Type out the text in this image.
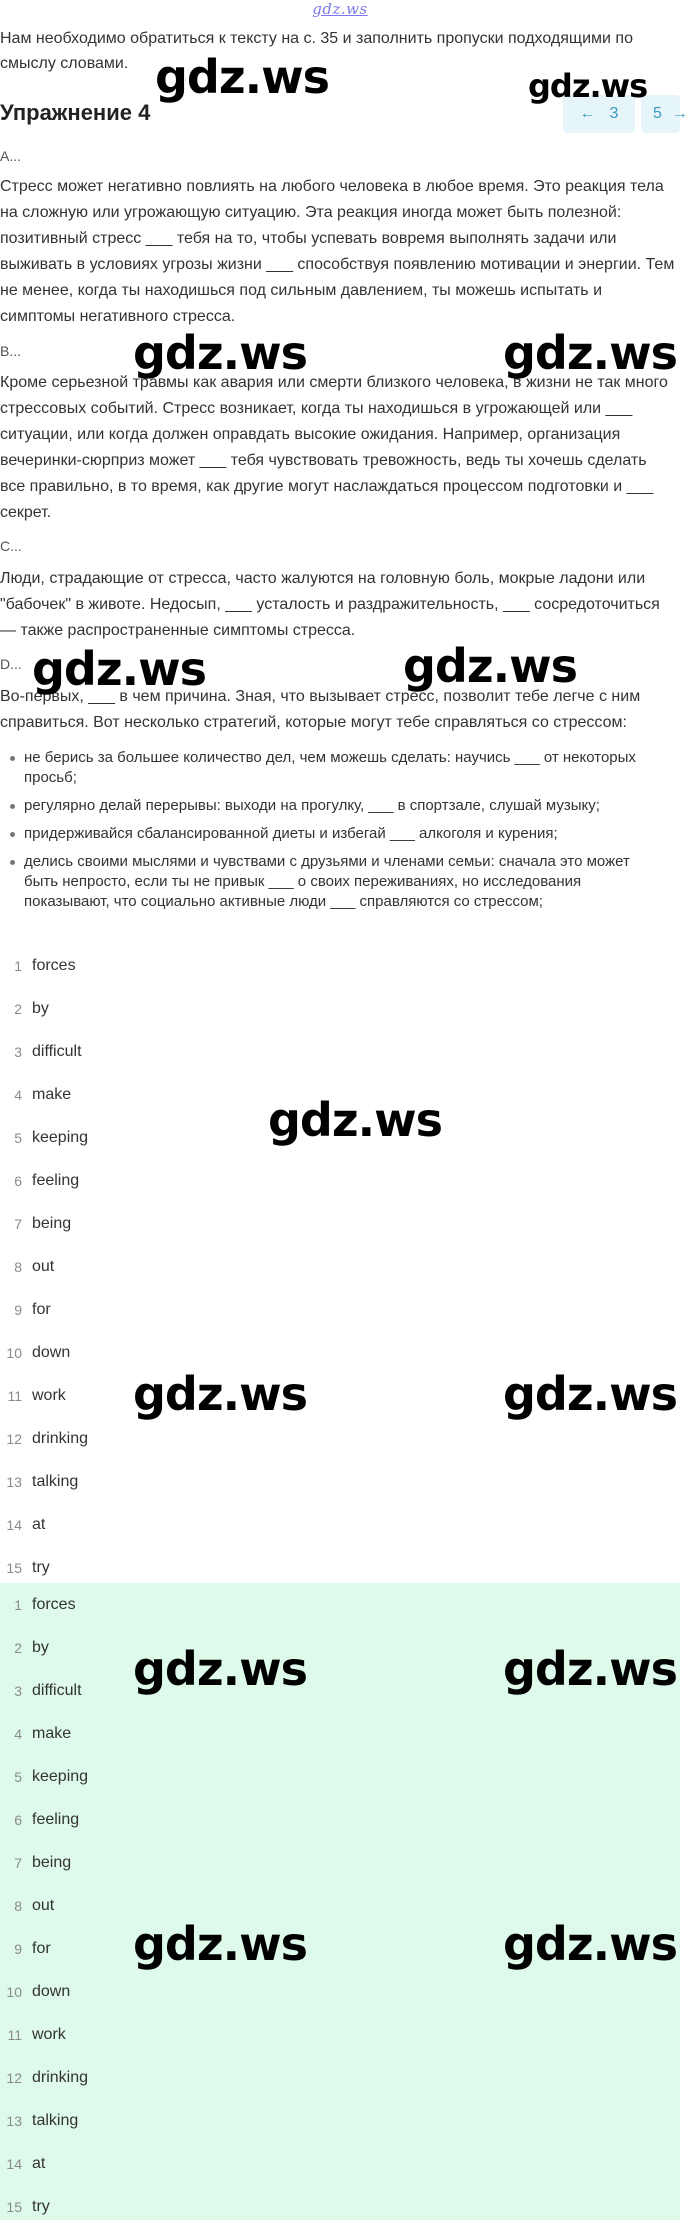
gdz.ws
Нам необходимо обратиться к тексту на с. 35 и заполнить пропуски подходящими по смыслу словами.
Упражнение 4	← 3 5 →
A...

Стресс может негативно повлиять на любого человека в любое время. Это реакция тела на сложную или угрожающую ситуацию. Эта реакция иногда может быть полезной: позитивный стресс ___ тебя на то, чтобы успевать вовремя выполнять задачи или выживать в условиях угрозы жизни ___ способствуя появлению мотивации и энергии. Тем не менее, когда ты находишься под сильным давлением, ты можешь испытать и симптомы негативного стресса.

B...

Кроме серьезной травмы как авария или смерти близкого человека, в жизни не так много стрессовых событий. Стресс возникает, когда ты находишься в угрожающей или ___ ситуации, или когда должен оправдать высокие ожидания. Например, организация вечеринки-сюрприз может ___ тебя чувствовать тревожность, ведь ты хочешь сделать все правильно, в то время, как другие могут наслаждаться процессом подготовки и ___ секрет.

C...

Люди, страдающие от стресса, часто жалуются на головную боль, мокрые ладони или "бабочек" в животе. Недосып, ___ усталость и раздражительность, ___ сосредоточиться — также распространенные симптомы стресса.

D...

Во-первых, ___ в чем причина. Зная, что вызывает стресс, позволит тебе легче с ним справиться. Вот несколько стратегий, которые могут тебе справляться со стрессом:

не берись за большее количество дел, чем можешь сделать: научись ___ от некоторых просьб;
регулярно делай перерывы: выходи на прогулку, ___ в спортзале, слушай музыку;
придерживайся сбалансированной диеты и избегай ___ алкоголя и курения;
делись своими мыслями и чувствами с друзьями и членами семьи: сначала это может быть непросто, если ты не привык ___ о своих переживаниях, но исследования показывают, что социально активные люди ___ справляются со стрессом;
1 forces
2 by
3 difficult
4 make
5 keeping
6 feeling
7 being
8 out
9 for
10 down
11 work
12 drinking
13 talking
14 at
15 try
1 forces
2 by
3 difficult
4 make
5 keeping
6 feeling
7 being
8 out
9 for
10 down
11 work
12 drinking
13 talking
14 at
15 try
gdz.ws	gdz.ws
gdz.ws	gdz.ws
gdz.ws	gdz.ws
gdz.ws
gdz.ws	gdz.ws
gdz.ws	gdz.ws
gdz.ws	gdz.ws
